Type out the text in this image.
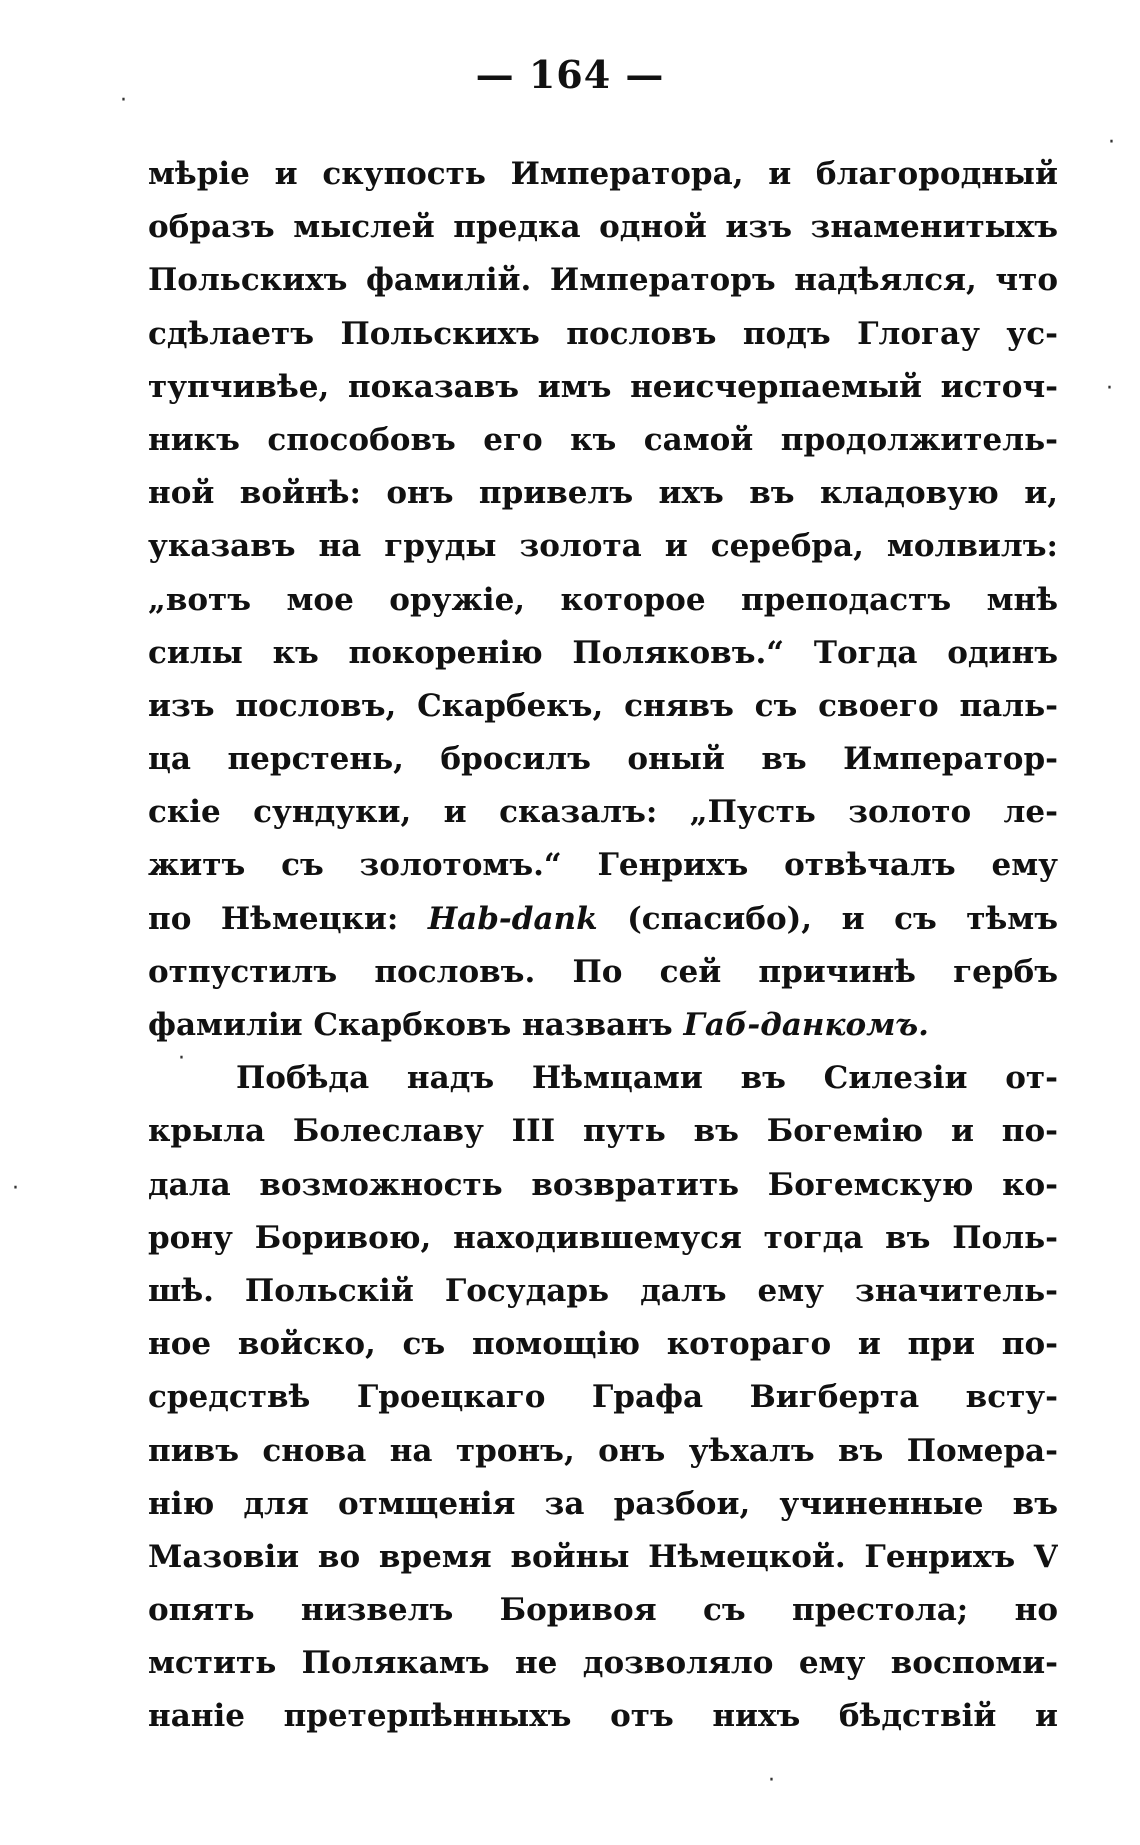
— 164 —
мѣріе и скупость Императора, и благородный
образъ мыслей предка одной изъ знаменитыхъ
Польскихъ фамилій. Императоръ надѣялся, что
сдѣлаетъ Польскихъ пословъ подъ Глогау ус-
тупчивѣе, показавъ имъ неисчерпаемый источ-
никъ способовъ его къ самой продолжитель-
ной войнѣ: онъ привелъ ихъ въ кладовую и,
указавъ на груды золота и серебра, молвилъ:
„вотъ мое оружіе, которое преподастъ мнѣ
силы къ покоренію Поляковъ.“ Тогда одинъ
изъ пословъ, Скарбекъ, снявъ съ своего паль-
ца перстень, бросилъ оный въ Император-
скіе сундуки, и сказалъ: „Пусть золото ле-
житъ съ золотомъ.“ Генрихъ отвѣчалъ ему
по Нѣмецки: Hab-dank (спасибо), и съ тѣмъ
отпустилъ пословъ. По сей причинѣ гербъ
фамиліи Скарбковъ названъ Габ-данкомъ.
Побѣда надъ Нѣмцами въ Силезіи от-
крыла Болеславу III путь въ Богемію и по-
дала возможность возвратить Богемскую ко-
рону Боривою, находившемуся тогда въ Поль-
шѣ. Польскій Государь далъ ему значитель-
ное войско, съ помощію котораго и при по-
средствѣ Гроецкаго Графа Вигберта всту-
пивъ снова на тронъ, онъ уѣхалъ въ Помера-
нію для отмщенія за разбои, учиненные въ
Мазовіи во время войны Нѣмецкой. Генрихъ V
опять низвелъ Боривоя съ престола; но
мстить Полякамъ не дозволяло ему воспоми-
наніе претерпѣнныхъ отъ нихъ бѣдствій и
·
·
·
·
·
·
